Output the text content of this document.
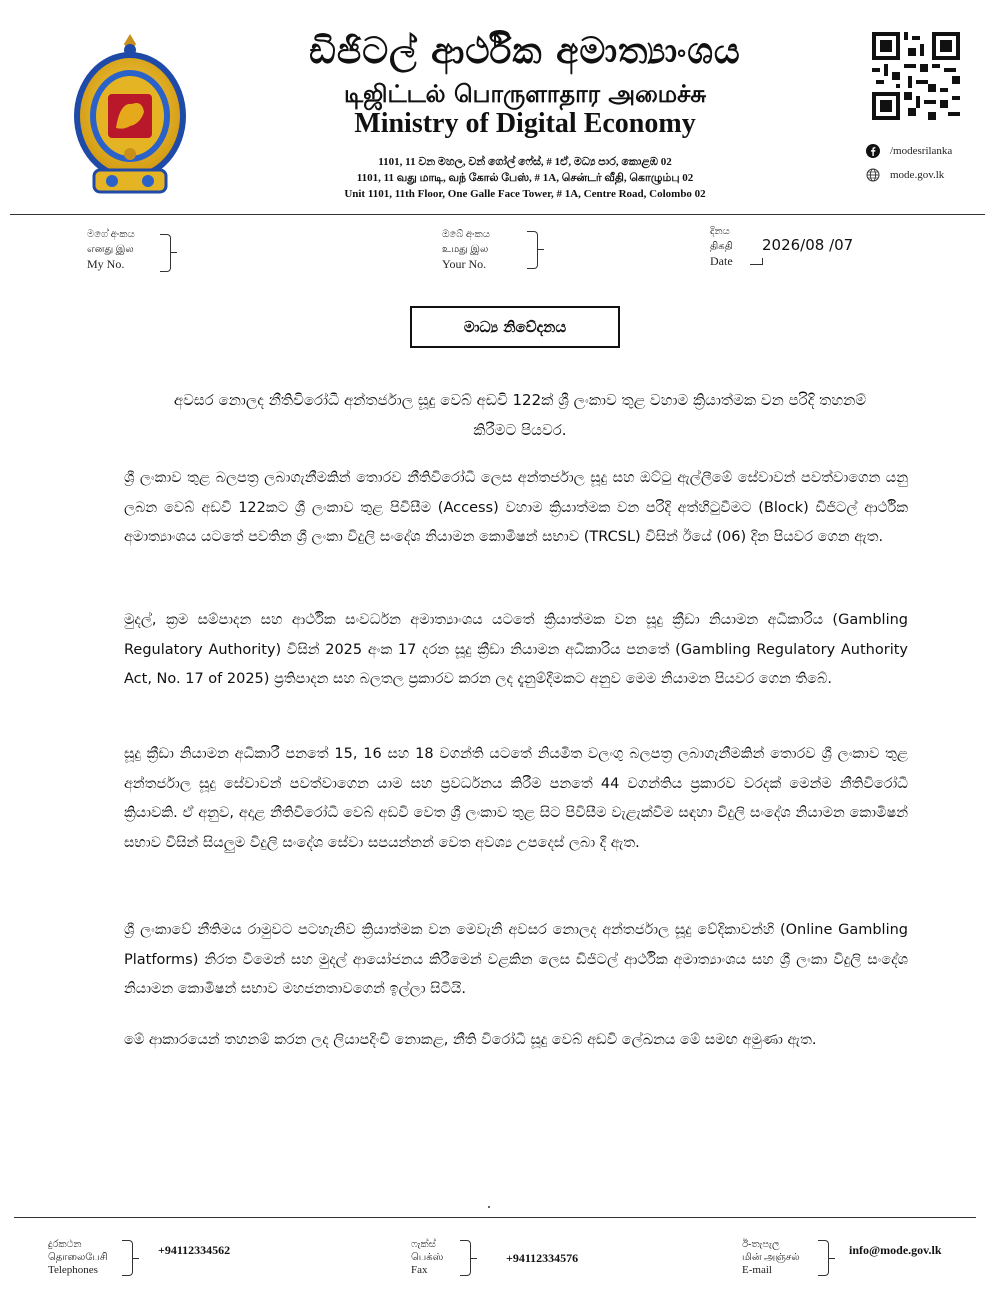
ඩිජිටල් ආර්ථික අමාත්‍යාංශය
டிஜிட்டல் பொருளாதார அமைச்சு
Ministry of Digital Economy
1101, 11 වන මහල, වන් ගෝල් ෆේස්, # 1ඒ, මධ්‍ය පාර, කොළඹ 02
1101, 11 வது மாடி, வந் கோல் பேஸ், # 1A, சென்டர் வீதி, கொழும்பு 02
Unit 1101, 11th Floor, One Galle Face Tower, # 1A, Centre Road, Colombo 02
/modesrilanka
mode.gov.lk
මගේ අංකය
எனது இல
My No.
ඔබේ අංකය
உமது இல
Your No.
දිනය
திகதி
Date
2026/08 /07
මාධ්‍ය නිවේදනය
අවසර නොලද නීතිවිරෝධී අන්තර්ජාල සූදු වෙබ් අඩවි 122ක් ශ්‍රී ලංකාව තුළ වහාම ක්‍රියාත්මක වන පරිදි තහනම් කිරීමට පියවර.
ශ්‍රී ලංකාව තුළ බලපත්‍ර ලබාගැනීමකින් තොරව නීතිවිරෝධී ලෙස අන්තර්ජාල සූදු සහ ඔට්ටු ඇල්ලීමේ සේවාවන් පවත්වාගෙන යනු ලබන වෙබ් අඩවි 122කට ශ්‍රී ලංකාව තුළ පිවිසීම (Access) වහාම ක්‍රියාත්මක වන පරිදි අත්හිටුවීමට (Block) ඩිජිටල් ආර්ථික අමාත්‍යාංශය යටතේ පවතින ශ්‍රී ලංකා විදුලි සංදේශ නියාමන කොමිෂන් සභාව (TRCSL) විසින් ඊයේ (06) දින පියවර ගෙන ඇත.
මුදල්, ක්‍රම සම්පාදන සහ ආර්ථික සංවර්ධන අමාත්‍යාංශය යටතේ ක්‍රියාත්මක වන සූදු ක්‍රීඩා නියාමන අධිකාරිය (Gambling Regulatory Authority) විසින් 2025 අංක 17 දරන සූදු ක්‍රීඩා නියාමන අධිකාරිය පනතේ (Gambling Regulatory Authority Act, No. 17 of 2025) ප්‍රතිපාදන සහ බලතල ප්‍රකාරව කරන ලද දැනුම්දීමකට අනුව මෙම නියාමන පියවර ගෙන තිබේ.
සූදු ක්‍රීඩා නියාමන අධිකාරී පනතේ 15, 16 සහ 18 වගන්ති යටතේ නියමිත වලංගු බලපත්‍ර ලබාගැනීමකින් තොරව ශ්‍රී ලංකාව තුළ අන්තර්ජාල සූදු සේවාවන් පවත්වාගෙන යාම සහ ප්‍රවර්ධනය කිරීම පනතේ 44 වගන්තිය ප්‍රකාරව වරදක් මෙන්ම නීතිවිරෝධී ක්‍රියාවකි. ඒ අනුව, අදාළ නීතිවිරෝධී වෙබ් අඩවි වෙත ශ්‍රී ලංකාව තුළ සිට පිවිසීම වැළැක්වීම සඳහා විදුලි සංදේශ නියාමන කොමිෂන් සභාව විසින් සියලුම විදුලි සංදේශ සේවා සපයන්නන් වෙත අවශ්‍ය උපදෙස් ලබා දී ඇත.
ශ්‍රී ලංකාවේ නීතිමය රාමුවට පටහැනිව ක්‍රියාත්මක වන මෙවැනි අවසර නොලද අන්තර්ජාල සූදු වේදිකාවන්හි (Online Gambling Platforms) නිරත වීමෙන් සහ මුදල් ආයෝජනය කිරීමෙන් වළකින ලෙස ඩිජිටල් ආර්ථික අමාත්‍යාංශය සහ ශ්‍රී ලංකා විදුලි සංදේශ නියාමන කොමිෂන් සභාව මහජනතාවගෙන් ඉල්ලා සිටියි.
මේ ආකාරයෙන් තහනම් කරන ලද ලියාපදිංචි නොකළ, නීති විරෝධී සූදු වෙබ් අඩවි ලේඛනය මේ සමඟ අමුණා ඇත.
දුරකථන
தொலைபேசி
Telephones
+94112334562	ෆැක්ස්
பெக்ஸ்
Fax
+94112334576
ඊ-තැපැල
மின் அஞ்சல்
E-mail
info@mode.gov.lk
